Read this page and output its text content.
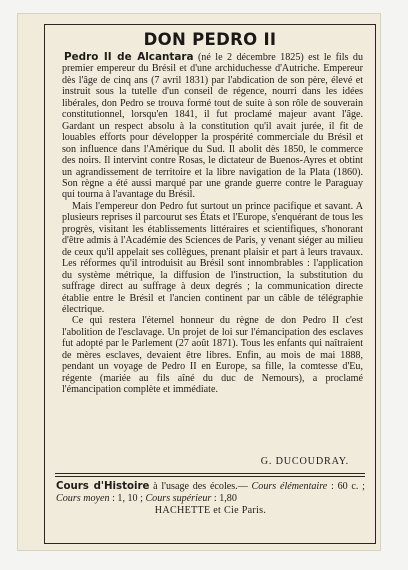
DON PEDRO II

Pedro II de Alcantara (né le 2 décembre 1825) est le fils du premier empereur du Brésil et d'une archiduchesse d'Autriche. Empereur dès l'âge de cinq ans (7 avril 1831) par l'abdication de son père, élevé et instruit sous la tutelle d'un conseil de régence, nourri dans les idées libérales, don Pedro se trouva formé tout de suite à son rôle de souverain constitutionnel, lorsqu'en 1841, il fut proclamé majeur avant l'âge. Gardant un respect absolu à la constitution qu'il avait jurée, il fit de louables efforts pour développer la prospérité commerciale du Brésil et son influence dans l'Amérique du Sud. Il abolit dès 1850, le commerce des noirs. Il intervint contre Rosas, le dictateur de Buenos-Ayres et obtint un agrandissement de territoire et la libre navigation de la Plata (1860). Son règne a été aussi marqué par une grande guerre contre le Paraguay qui tourna à l'avantage du Brésil.

Mais l'empereur don Pedro fut surtout un prince pacifique et savant. A plusieurs reprises il parcourut ses États et l'Europe, s'enquérant de tous les progrès, visitant les établissements littéraires et scientifiques, s'honorant d'être admis à l'Académie des Sciences de Paris, y venant siéger au milieu de ceux qu'il appelait ses collègues, prenant plaisir et part à leurs travaux. Les réformes qu'il introduisit au Brésil sont innombrables : l'application du système métrique, la diffusion de l'instruction, la substitution du suffrage direct au suffrage à deux degrés ; la communication directe établie entre le Brésil et l'ancien continent par un câble de télégraphie électrique.

Ce qui restera l'éternel honneur du règne de don Pedro II c'est l'abolition de l'esclavage. Un projet de loi sur l'émancipation des esclaves fut adopté par le Parlement (27 août 1871). Tous les enfants qui naîtraient de mères esclaves, devaient être libres. Enfin, au mois de mai 1888, pendant un voyage de Pedro II en Europe, sa fille, la comtesse d'Eu, régente (mariée au fils aîné du duc de Nemours), a proclamé l'émancipation complète et immédiate.

G. DUCOUDRAY.
Cours d'Histoire à l'usage des écoles.— Cours élémentaire : 60 c. ; Cours moyen : 1, 10 ; Cours supérieur : 1,80
HACHETTE et Cie Paris.
